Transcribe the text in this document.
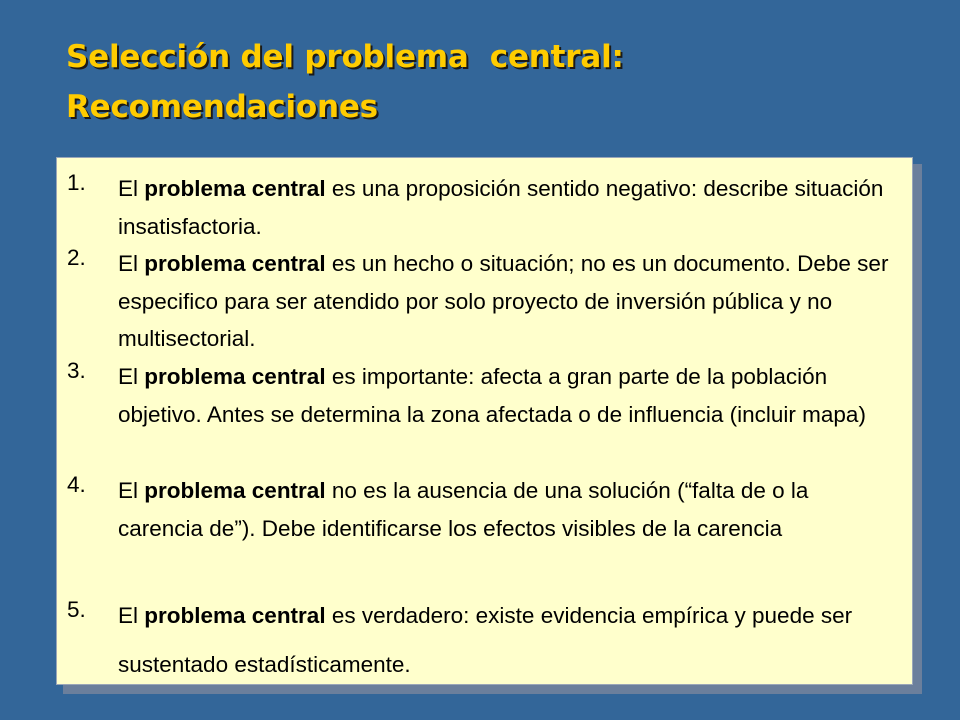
Selección del problema  central:
Recomendaciones
1. El problema central es una proposición sentido negativo: describe situación insatisfactoria.
2. El problema central es un hecho o situación; no es un documento. Debe ser especifico para ser atendido por solo proyecto de inversión pública y no multisectorial.
3. El problema central es importante: afecta a gran parte de la población objetivo. Antes se determina la zona afectada o de influencia (incluir mapa)
4. El problema central no es la ausencia de una solución (“falta de o la carencia de”). Debe identificarse los efectos visibles de la carencia
5. El problema central es verdadero: existe evidencia empírica y puede ser sustentado estadísticamente.
